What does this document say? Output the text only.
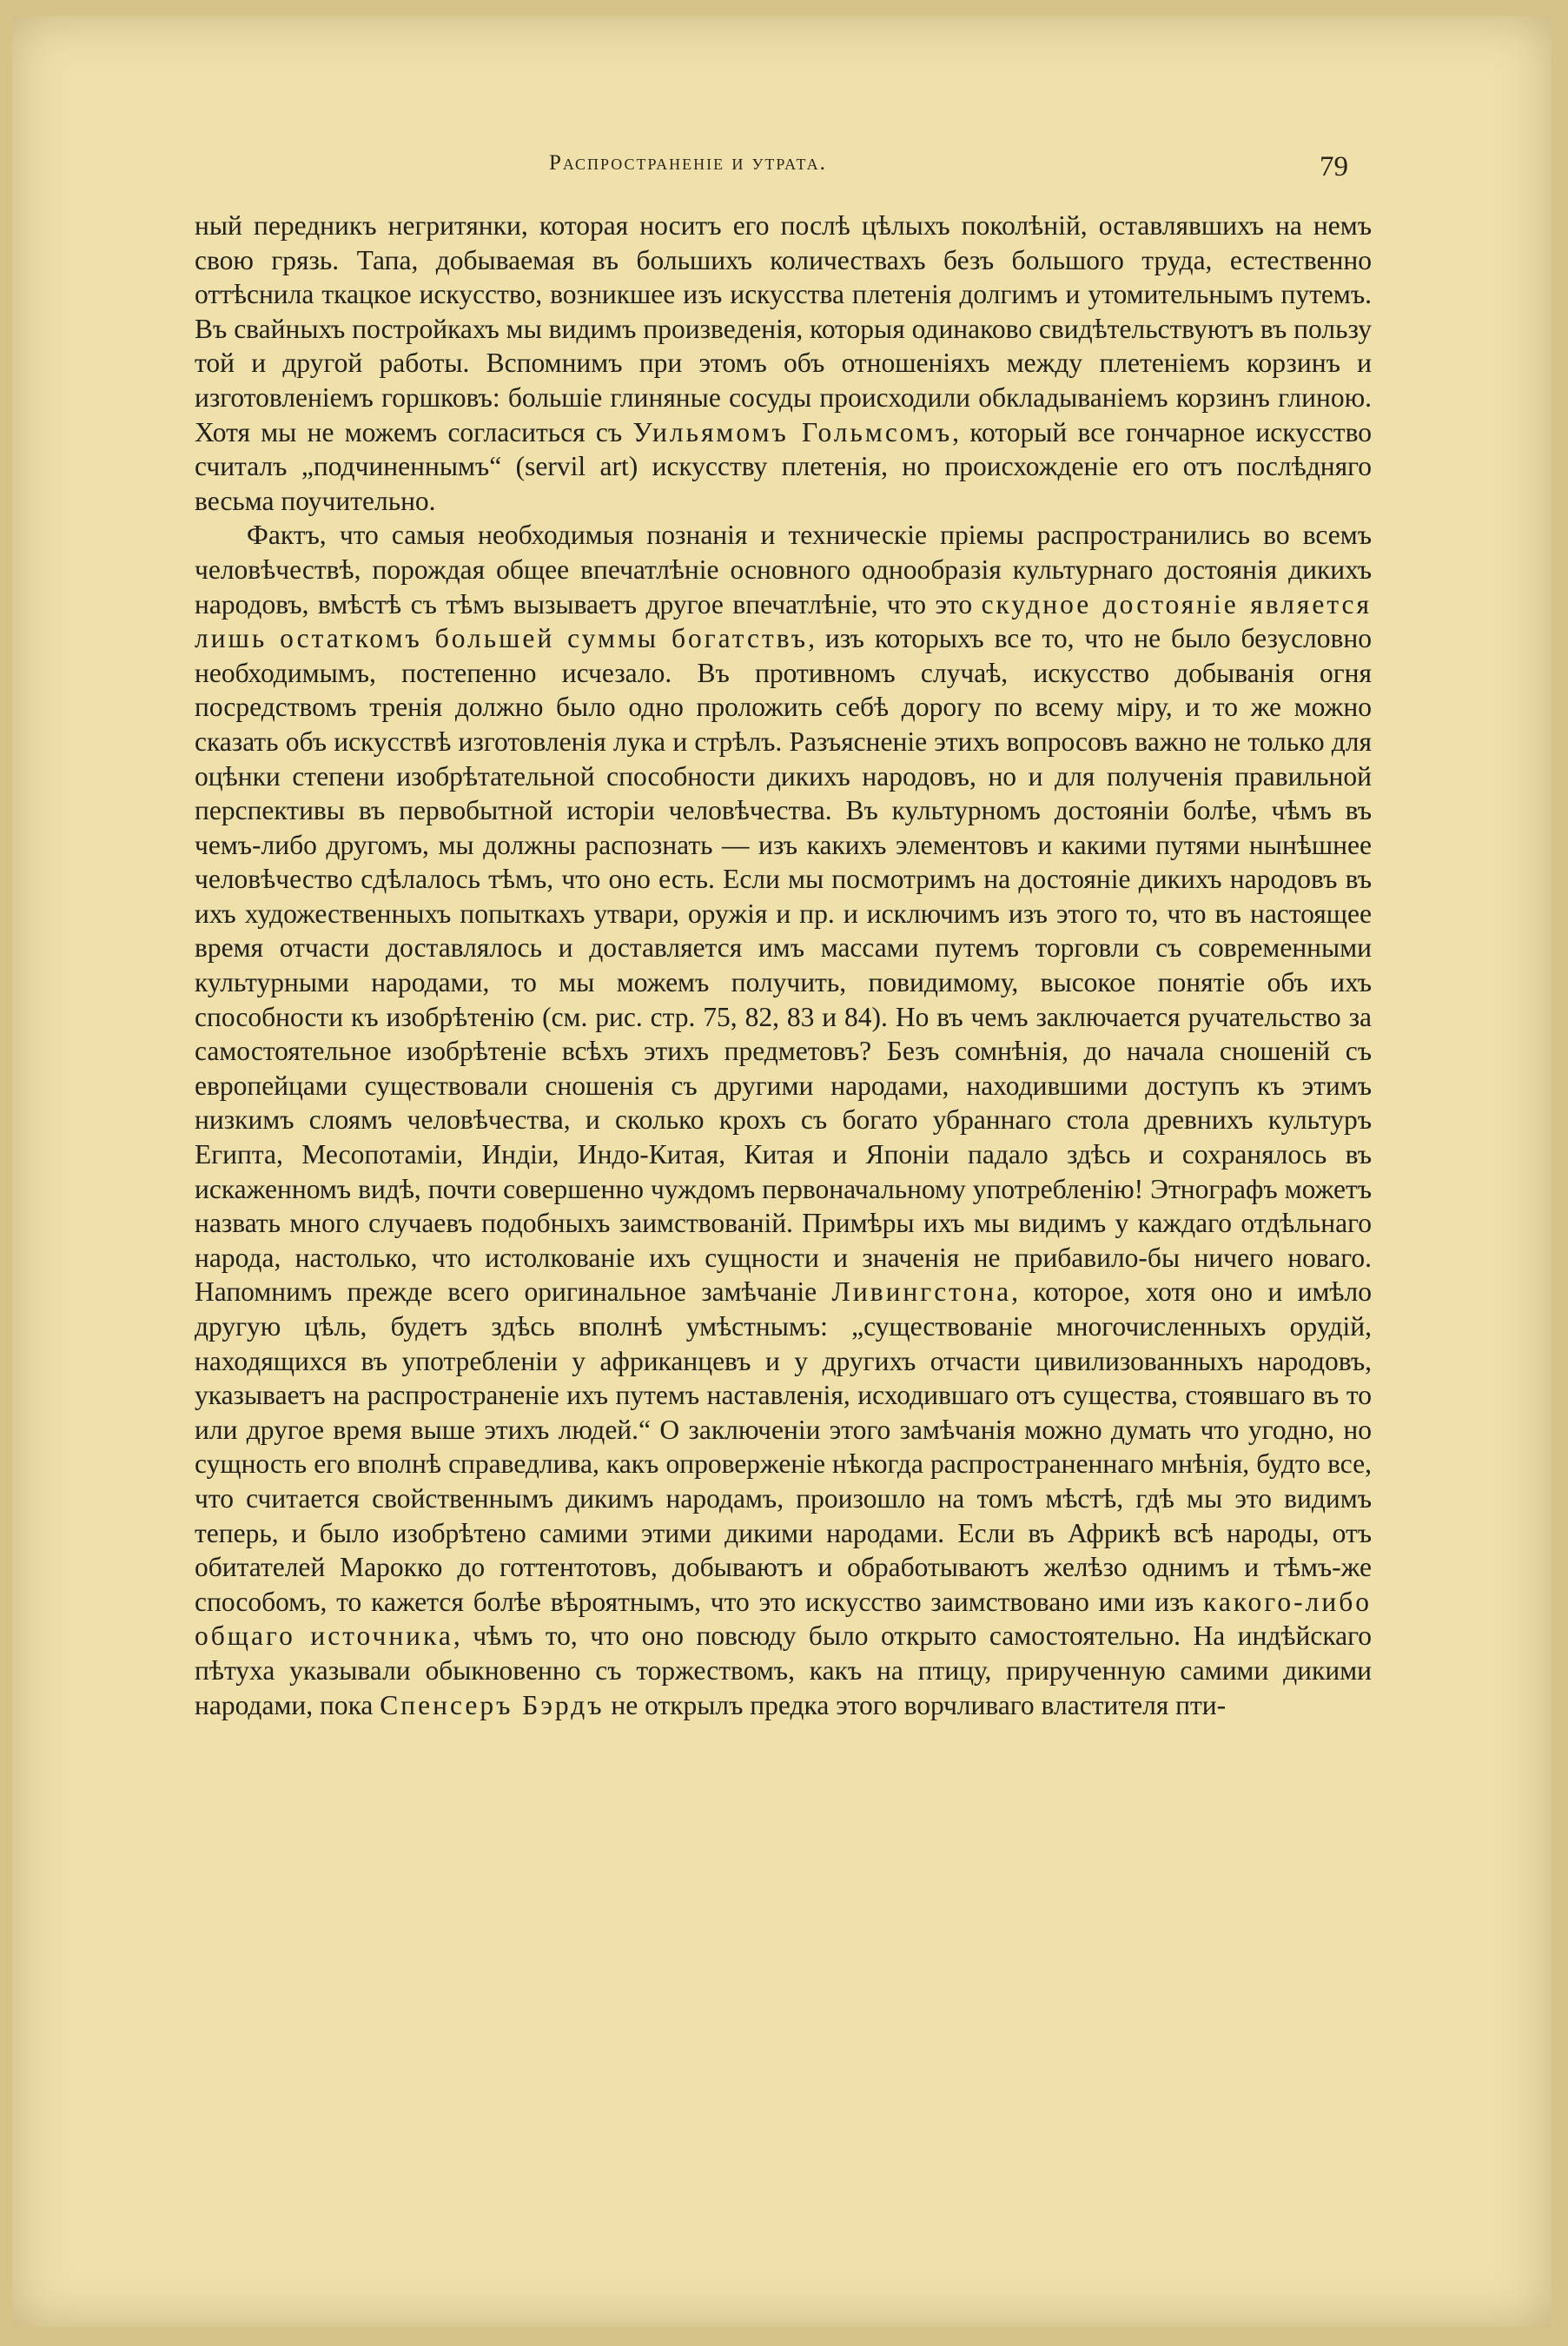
Распространеніе и утрата.	79

ный передникъ негритянки, которая носитъ его послѣ цѣлыхъ поколѣній, оставлявшихъ на немъ свою грязь. Тапа, добываемая въ большихъ количествахъ безъ большого труда, естественно оттѣснила ткацкое искусство, возникшее изъ искусства плетенія долгимъ и утомительнымъ путемъ. Въ свайныхъ постройкахъ мы видимъ произведенія, которыя одинаково свидѣтельствуютъ въ пользу той и другой работы. Вспомнимъ при этомъ объ отношеніяхъ между плетеніемъ корзинъ и изготовленіемъ горшковъ: большіе глиняные сосуды происходили обкладываніемъ корзинъ глиною. Хотя мы не можемъ согласиться съ Уильямомъ Гольмсомъ, который все гончарное искусство считалъ „подчиненнымъ“ (servil art) искусству плетенія, но происхожденіе его отъ послѣдняго весьма поучительно.

Фактъ, что самыя необходимыя познанія и техническіе пріемы распространились во всемъ человѣчествѣ, порождая общее впечатлѣніе основного однообразія культурнаго достоянія дикихъ народовъ, вмѣстѣ съ тѣмъ вызываетъ другое впечатлѣніе, что это скудное достояніе является лишь остаткомъ большей суммы богатствъ, изъ которыхъ все то, что не было безусловно необходимымъ, постепенно исчезало. Въ противномъ случаѣ, искусство добыванія огня посредствомъ тренія должно было одно проложить себѣ дорогу по всему міру, и то же можно сказать объ искусствѣ изготовленія лука и стрѣлъ. Разъясненіе этихъ вопросовъ важно не только для оцѣнки степени изобрѣтательной способности дикихъ народовъ, но и для полученія правильной перспективы въ первобытной исторіи человѣчества. Въ культурномъ достояніи болѣе, чѣмъ въ чемъ-либо другомъ, мы должны распознать — изъ какихъ элементовъ и какими путями нынѣшнее человѣчество сдѣлалось тѣмъ, что оно есть. Если мы посмотримъ на достояніе дикихъ народовъ въ ихъ художественныхъ попыткахъ утвари, оружія и пр. и исключимъ изъ этого то, что въ настоящее время отчасти доставлялось и доставляется имъ массами путемъ торговли съ современными культурными народами, то мы можемъ получить, повидимому, высокое понятіе объ ихъ способности къ изобрѣтенію (см. рис. стр. 75, 82, 83 и 84). Но въ чемъ заключается ручательство за самостоятельное изобрѣтеніе всѣхъ этихъ предметовъ? Безъ сомнѣнія, до начала сношеній съ европейцами существовали сношенія съ другими народами, находившими доступъ къ этимъ низкимъ слоямъ человѣчества, и сколько крохъ съ богато убраннаго стола древнихъ культуръ Египта, Месопотаміи, Индіи, Индо-Китая, Китая и Японіи падало здѣсь и сохранялось въ искаженномъ видѣ, почти совершенно чуждомъ первоначальному употребленію! Этнографъ можетъ назвать много случаевъ подобныхъ заимствованій. Примѣры ихъ мы видимъ у каждаго отдѣльнаго народа, настолько, что истолкованіе ихъ сущности и значенія не прибавило-бы ничего новаго. Напомнимъ прежде всего оригинальное замѣчаніе Ливингстона, которое, хотя оно и имѣло другую цѣль, будетъ здѣсь вполнѣ умѣстнымъ: „существованіе многочисленныхъ орудій, находящихся въ употребленіи у африканцевъ и у другихъ отчасти цивилизованныхъ народовъ, указываетъ на распространеніе ихъ путемъ наставленія, исходившаго отъ существа, стоявшаго въ то или другое время выше этихъ людей.“ О заключеніи этого замѣчанія можно думать что угодно, но сущность его вполнѣ справедлива, какъ опроверженіе нѣкогда распространеннаго мнѣнія, будто все, что считается свойственнымъ дикимъ народамъ, произошло на томъ мѣстѣ, гдѣ мы это видимъ теперь, и было изобрѣтено самими этими дикими народами. Если въ Африкѣ всѣ народы, отъ обитателей Марокко до готтентотовъ, добываютъ и обработываютъ желѣзо однимъ и тѣмъ-же способомъ, то кажется болѣе вѣроятнымъ, что это искусство заимствовано ими изъ какого-либо общаго источника, чѣмъ то, что оно повсюду было открыто самостоятельно. На индѣйскаго пѣтуха указывали обыкновенно съ торжествомъ, какъ на птицу, прирученную самими дикими народами, пока Спенсеръ Бэрдъ не открылъ предка этого ворчливаго властителя пти-
